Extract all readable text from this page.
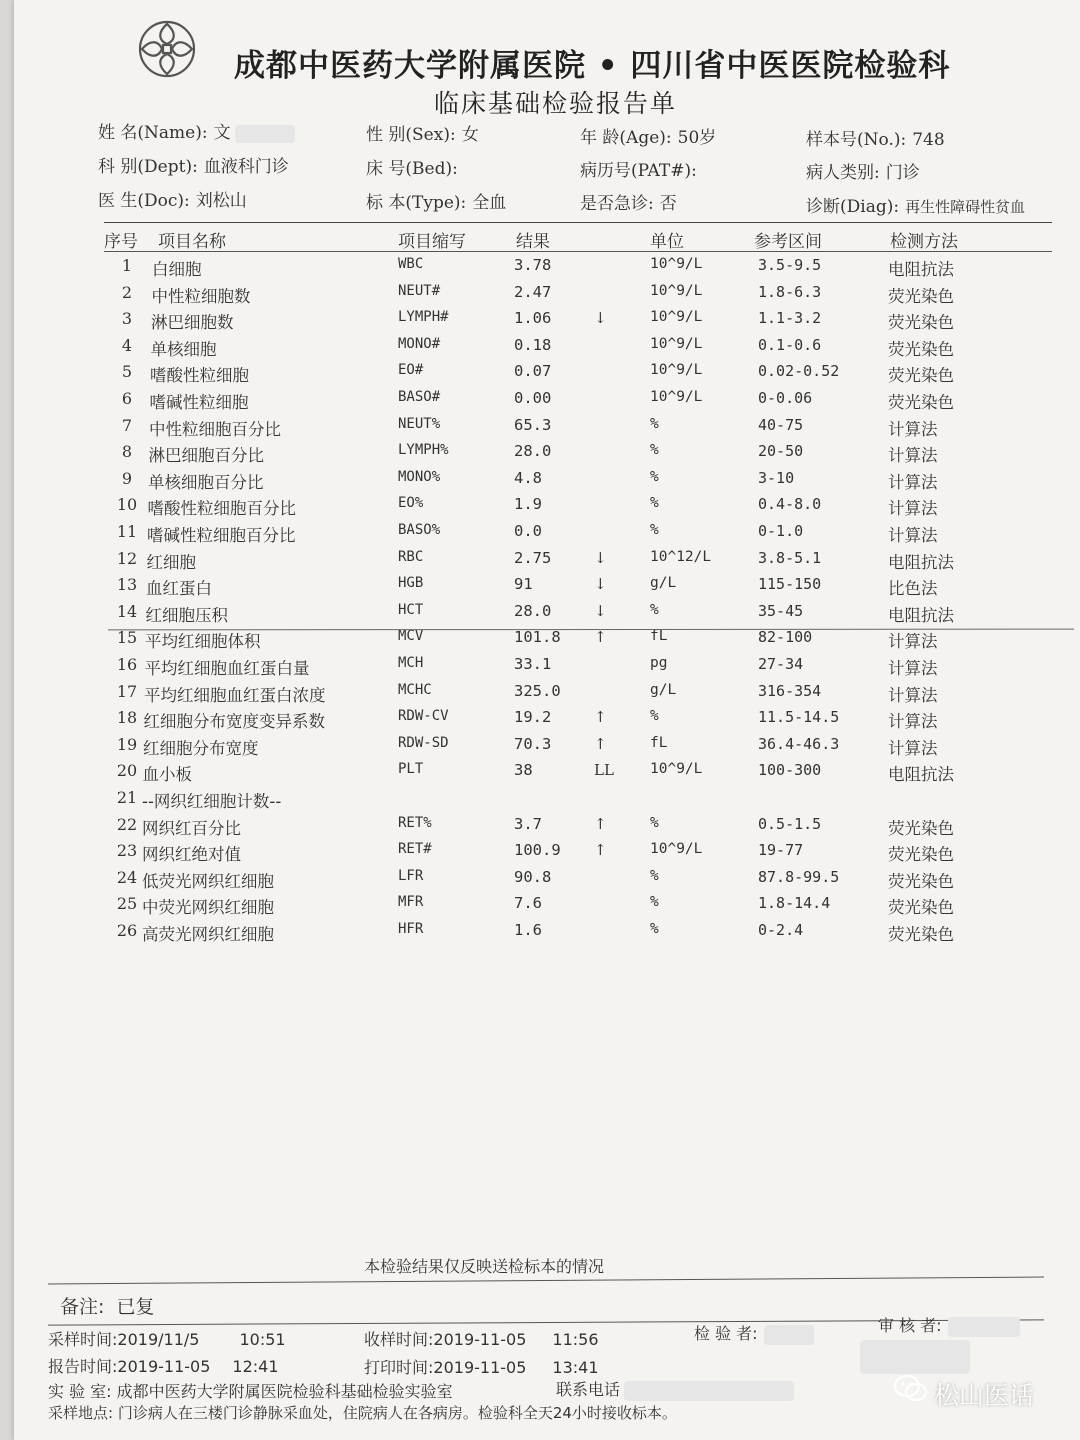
成都中医药大学附属医院 • 四川省中医医院检验科
临床基础检验报告单
姓 名(Name): 文	性 别(Sex): 女	年 龄(Age): 50岁	样本号(No.): 748
科 别(Dept): 血液科门诊	床 号(Bed):	病历号(PAT#):	病人类别: 门诊
医 生(Doc): 刘松山	标 本(Type): 全血	是否急诊: 否	诊断(Diag): 再生性障碍性贫血
序号 项目名称	项目缩写	结果	单位	参考区间	检测方法
1	白细胞	WBC	3.78	10^9/L	3.5-9.5	电阻抗法
2	中性粒细胞数	NEUT#	2.47	10^9/L	1.8-6.3	荧光染色
3	淋巴细胞数	LYMPH#	1.06	↓	10^9/L	1.1-3.2	荧光染色
4	单核细胞	MONO#	0.18	10^9/L	0.1-0.6	荧光染色
5	嗜酸性粒细胞	EO#	0.07	10^9/L	0.02-0.52	荧光染色
6	嗜碱性粒细胞	BASO#	0.00	10^9/L	0-0.06	荧光染色
7	中性粒细胞百分比	NEUT%	65.3	%	40-75	计算法
8 淋巴细胞百分比	LYMPH%	28.0	%	20-50	计算法
9 单核细胞百分比	MONO%	4.8	%	3-10	计算法
10 嗜酸性粒细胞百分比	EO%	1.9	%	0.4-8.0	计算法
11 嗜碱性粒细胞百分比	BASO%	0.0	%	0-1.0	计算法
12 红细胞	RBC	2.75	↓	10^12/L	3.8-5.1	电阻抗法
13 血红蛋白	HGB	91	↓	g/L	115-150	比色法
14 红细胞压积	HCT	28.0	↓	%	35-45	电阻抗法
15 平均红细胞体积	MCV	101.8 ↑	fL	82-100	计算法
16 平均红细胞血红蛋白量	MCH	33.1	pg	27-34	计算法
17 平均红细胞血红蛋白浓度	MCHC	325.0	g/L	316-354	计算法
18 红细胞分布宽度变异系数	RDW-CV	19.2	↑	%	11.5-14.5	计算法
19 红细胞分布宽度	RDW-SD	70.3	↑	fL	36.4-46.3	计算法
20 血小板	PLT	38	LL 10^9/L	100-300	电阻抗法
21 --网织红细胞计数--
22 网织红百分比	RET%	3.7	↑	%	0.5-1.5	荧光染色
23 网织红绝对值	RET#	100.9 ↑	10^9/L	19-77	荧光染色
24 低荧光网织红细胞	LFR	90.8	%	87.8-99.5	荧光染色
25 中荧光网织红细胞	MFR	7.6	%	1.8-14.4	荧光染色
26 高荧光网织红细胞	HFR	1.6	%	0-2.4	荧光染色
本检验结果仅反映送检标本的情况
备注: 已复
采样时间:2019/11/5	10:51	收样时间:2019-11-05 11:56	检 验 者:	审 核 者:
报告时间:2019-11-05 12:41	打印时间:2019-11-05 13:41
实 验 室: 成都中医药大学附属医院检验科基础检验实验室	联系电话
采样地点: 门诊病人在三楼门诊静脉采血处，住院病人在各病房。检验科全天24小时接收标本。
松山医话
